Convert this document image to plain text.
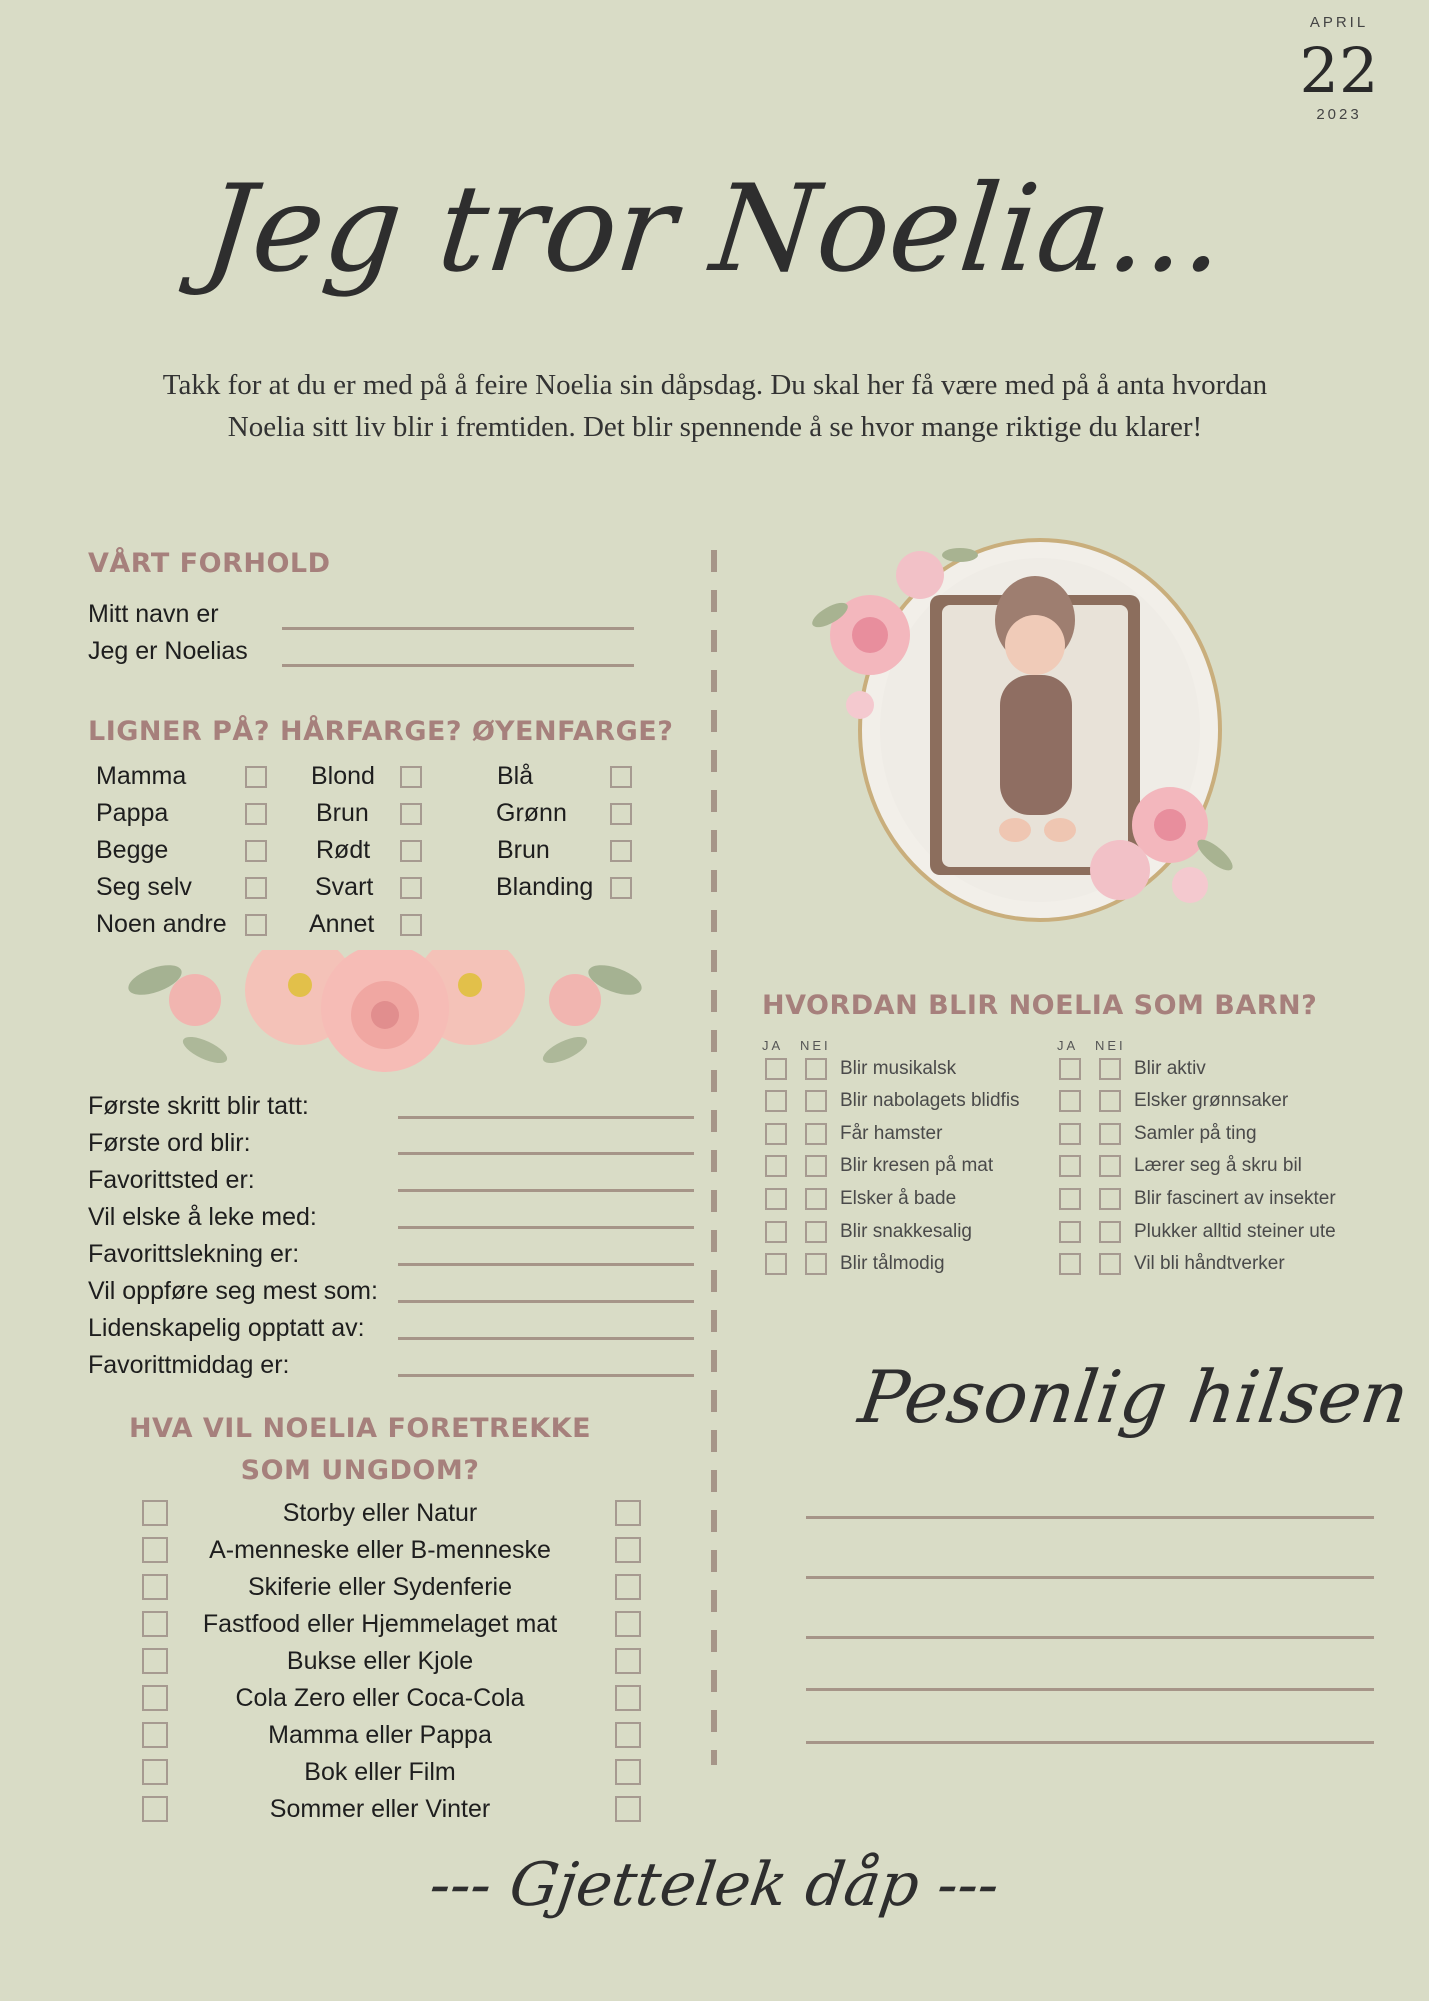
APRIL
22
2023
Jeg tror Noelia...
Takk for at du er med på å feire Noelia sin dåpsdag. Du skal her få være med på å anta hvordan Noelia sitt liv blir i fremtiden. Det blir spennende å se hvor mange riktige du klarer!
VÅRT FORHOLD
Mitt navn er
Jeg er Noelias
LIGNER PÅ? HÅRFARGE? ØYENFARGE?
Mamma
Pappa
Begge
Seg selv
Noen andre
Blond
Brun
Rødt
Svart
Annet
Blå
Grønn
Brun
Blanding
Første skritt blir tatt:
Første ord blir:
Favorittsted er:
Vil elske å leke med:
Favorittslekning er:
Vil oppføre seg mest som:
Lidenskapelig opptatt av:
Favorittmiddag er:
HVA VIL NOELIA FORETREKKE
SOM UNGDOM?
Storby eller Natur
A-menneske eller B-menneske
Skiferie eller Sydenferie
Fastfood eller Hjemmelaget mat
Bukse eller Kjole
Cola Zero eller Coca-Cola
Mamma eller Pappa
Bok eller Film
Sommer eller Vinter
HVORDAN BLIR NOELIA SOM BARN?
JA NEI	JA NEI
Blir musikalsk
Blir nabolagets blidfis
Får hamster
Blir kresen på mat
Elsker å bade
Blir snakkesalig
Blir tålmodig
Blir aktiv
Elsker grønnsaker
Samler på ting
Lærer seg å skru bil
Blir fascinert av insekter
Plukker alltid steiner ute
Vil bli håndtverker
Pesonlig hilsen
--- Gjettelek dåp ---
